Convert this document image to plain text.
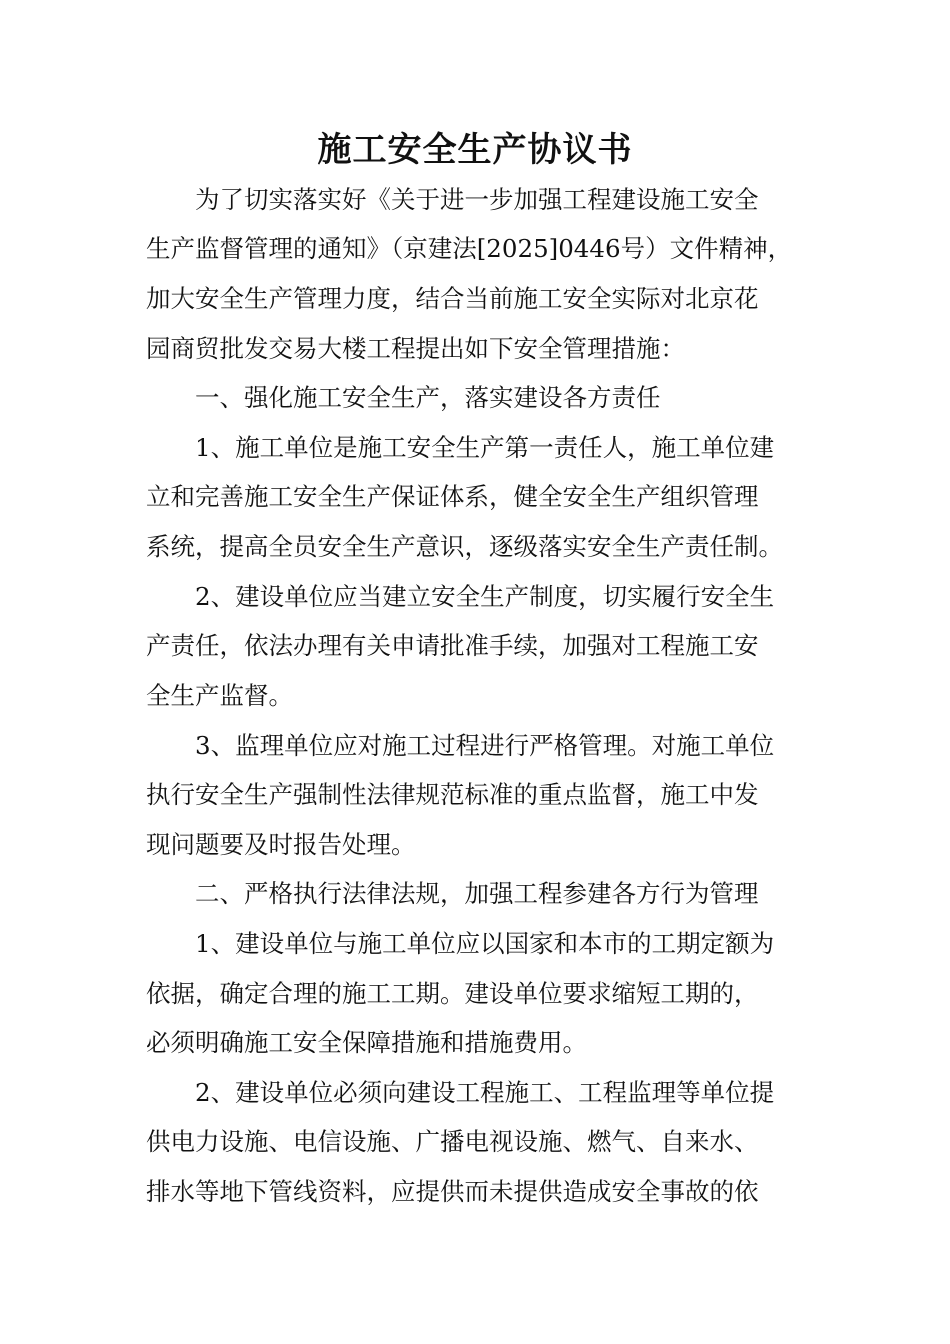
施工安全生产协议书
为了切实落实好《关于进一步加强工程建设施工安全
生产监督管理的通知》（京建法[2025]0446号）文件精神，
加大安全生产管理力度，结合当前施工安全实际对北京花
园商贸批发交易大楼工程提出如下安全管理措施：
一、强化施工安全生产，落实建设各方责任
1、施工单位是施工安全生产第一责任人，施工单位建
立和完善施工安全生产保证体系，健全安全生产组织管理
系统，提高全员安全生产意识，逐级落实安全生产责任制。
2、建设单位应当建立安全生产制度，切实履行安全生
产责任，依法办理有关申请批准手续，加强对工程施工安
全生产监督。
3、监理单位应对施工过程进行严格管理。对施工单位
执行安全生产强制性法律规范标准的重点监督，施工中发
现问题要及时报告处理。
二、严格执行法律法规，加强工程参建各方行为管理
1、建设单位与施工单位应以国家和本市的工期定额为
依据，确定合理的施工工期。建设单位要求缩短工期的，
必须明确施工安全保障措施和措施费用。
2、建设单位必须向建设工程施工、工程监理等单位提
供电力设施、电信设施、广播电视设施、燃气、自来水、
排水等地下管线资料，应提供而未提供造成安全事故的依
